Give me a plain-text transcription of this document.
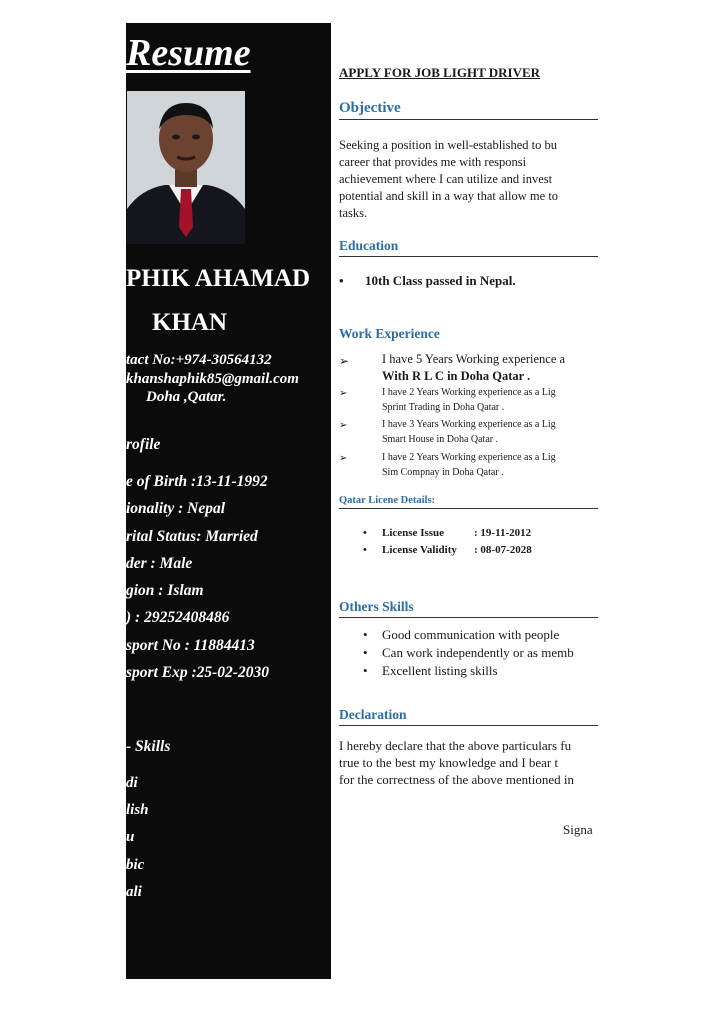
Resume
PHIK AHAMAD
KHAN
tact No:+974-30564132
khanshaphik85@gmail.com
Doha ,Qatar.
rofile
e of Birth :13-11-1992
ionality : Nepal
rital Status: Married
der : Male
gion : Islam
) : 29252408486
sport No : 11884413
sport Exp :25-02-2030
- Skills
di
lish
u
bic
ali
APPLY FOR JOB LIGHT DRIVER
Objective
Seeking a position in well-established to bu
career that provides me with responsi
achievement where I can utilize and invest
potential and skill in a way that allow me to
tasks.
Education
• 10th Class passed in Nepal.
Work Experience
➢	I have 5 Years Working experience a
With R L C in Doha Qatar .
➢	I have 2 Years Working experience as a Lig
Sprint Trading in Doha Qatar .
➢	I have 3 Years Working experience as a Lig
Smart House in Doha Qatar .
➢	I have 2 Years Working experience as a Lig
Sim Compnay in Doha Qatar .
Qatar Licene Details:
• License Issue	: 19-11-2012
• License Validity : 08-07-2028
Others Skills
• Good communication with people
• Can work independently or as memb
• Excellent listing skills
Declaration
I hereby declare that the above particulars fu
true to the best my knowledge and I bear t
for the correctness of the above mentioned in
Signa
